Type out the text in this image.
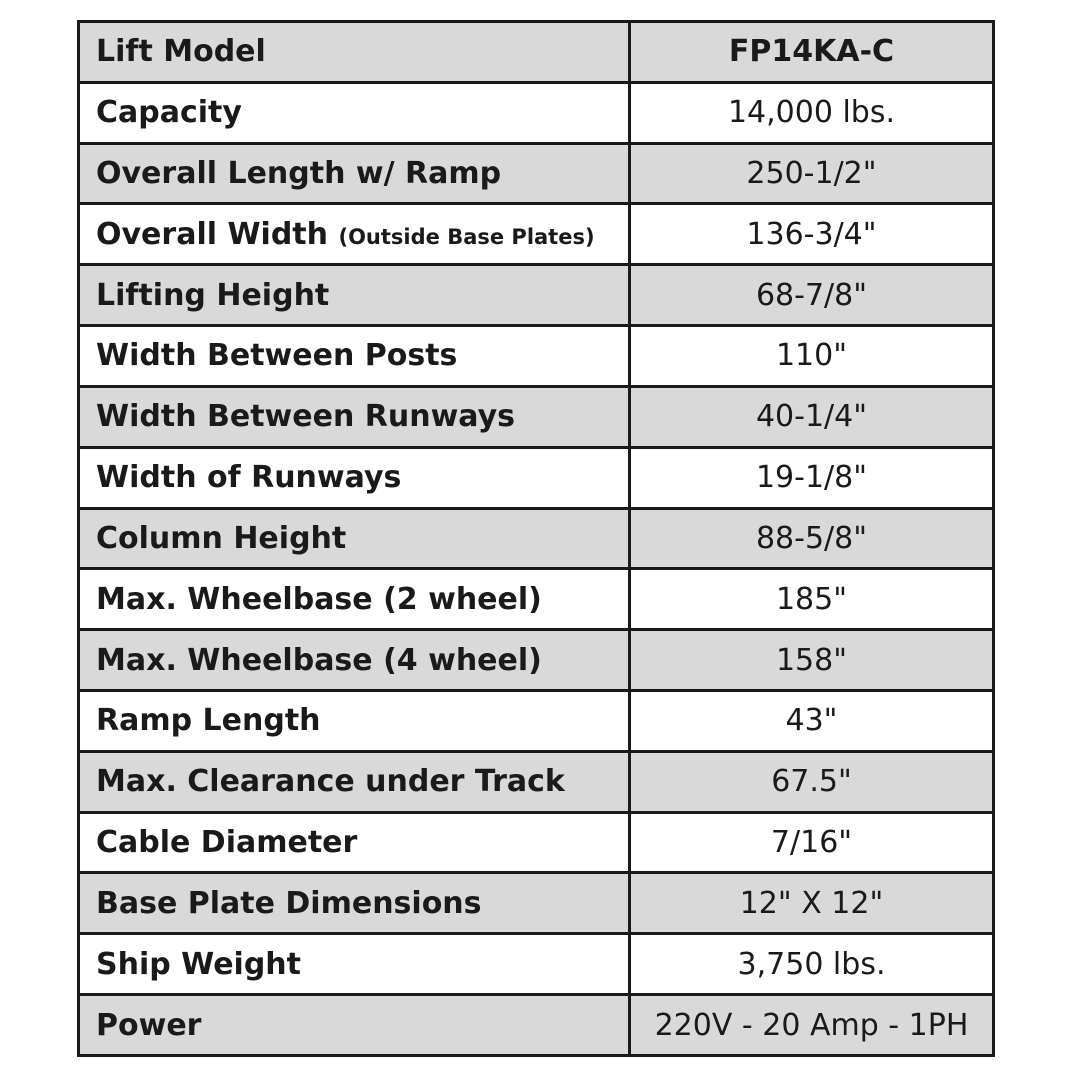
Lift Model	FP14KA-C
Capacity	14,000 lbs.
Overall Length w/ Ramp	250-1/2"
Overall Width (Outside Base Plates)	136-3/4"
Lifting Height	68-7/8"
Width Between Posts	110"
Width Between Runways	40-1/4"
Width of Runways	19-1/8"
Column Height	88-5/8"
Max. Wheelbase (2 wheel)	185"
Max. Wheelbase (4 wheel)	158"
Ramp Length	43"
Max. Clearance under Track	67.5"
Cable Diameter	7/16"
Base Plate Dimensions	12" X 12"
Ship Weight	3,750 lbs.
Power	220V - 20 Amp - 1PH
